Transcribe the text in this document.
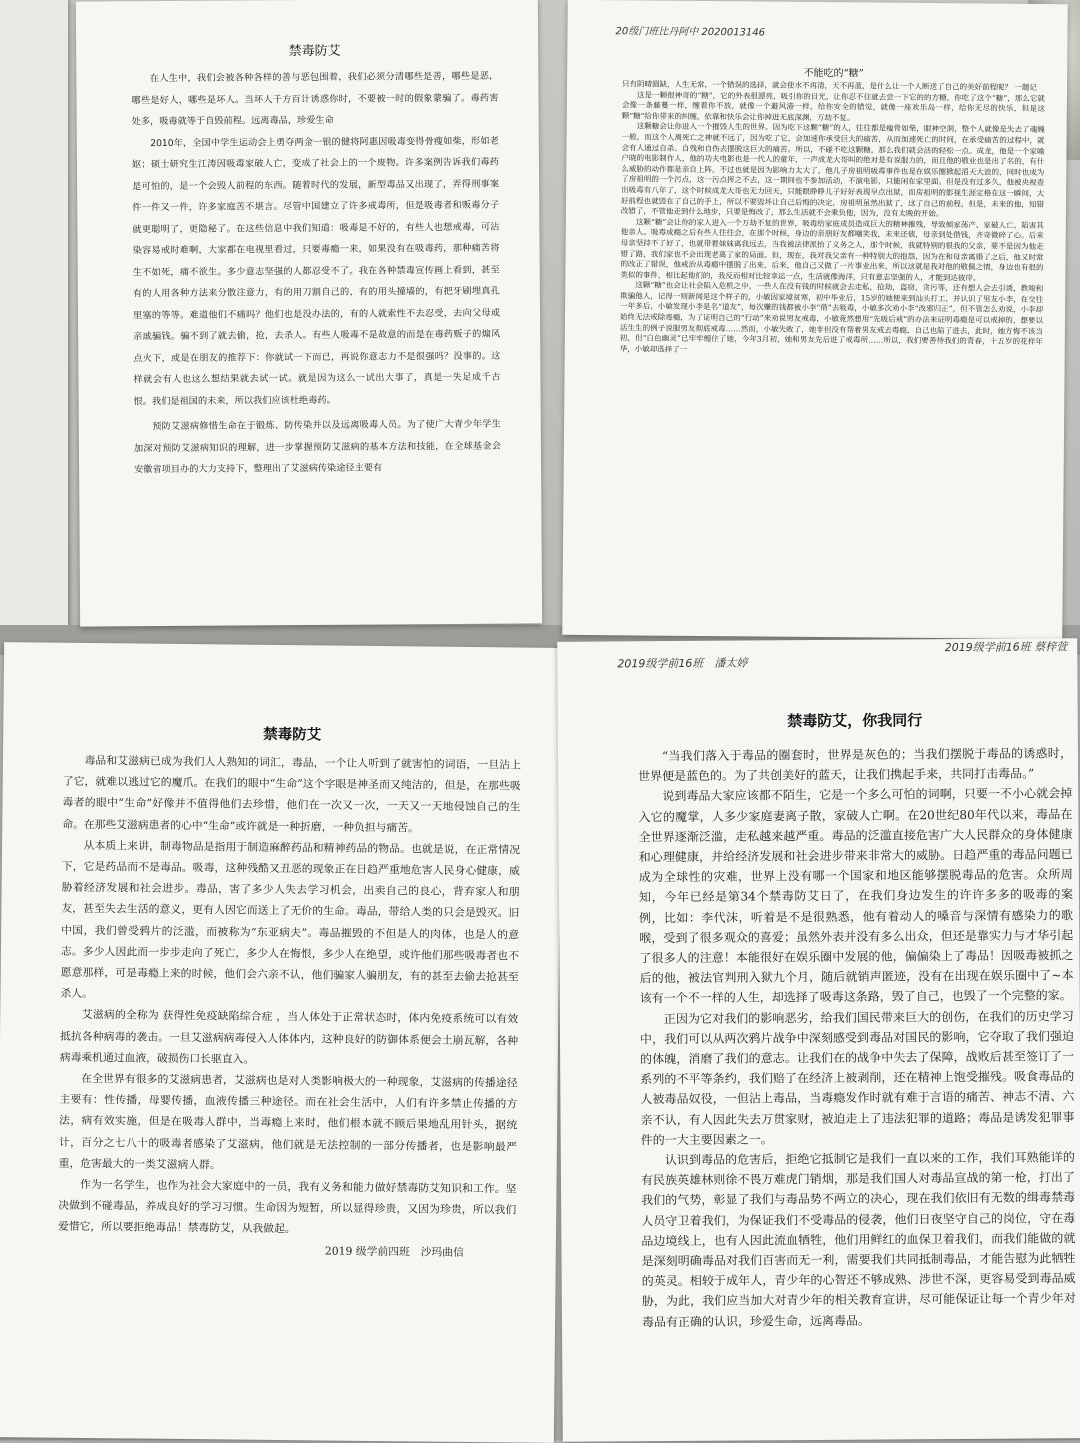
禁毒防艾

在人生中，我们会被各种各样的善与恶包围着，我们必须分清哪些是善，哪些是恶，哪些是好人，哪些是坏人。当坏人千方百计诱惑你时，不要被一时的假象蒙骗了。毒药害处多，吸毒就等于自毁前程。远离毒品，珍爱生命

2010年，全国中学生运动会上勇夺两金一银的健将阿惠因吸毒变得骨瘦如柴，形如老妪；硕士研究生江涛因吸毒家破人亡，变成了社会上的一个废物。许多案例告诉我们毒药是可怕的，是一个会毁人前程的东西。随着时代的发展，新型毒品又出现了，弄得刑事案件一件又一件，许多家庭苦不堪言。尽管中国建立了许多戒毒所，但是吸毒者和贩毒分子就更聪明了，更隐秘了。在这些信息中我们知道：吸毒是不好的，有些人也想戒毒，可沾染容易戒时难啊，大家都在电视里看过，只要毒瘾一来，如果没有在吸毒药，那种痛苦将生不如死，痛不欲生。多少意志坚强的人都忍受不了。我在各种禁毒宣传画上看到，甚至有的人用各种方法来分散注意力，有的用刀割自己的，有的用头撞墙的，有把牙刷埋真孔里塞的等等。难道他们不痛吗？他们也是没办法的，有的人就索性不去忍受，去向父母或亲戚骗钱。骗不到了就去偷，抢，去杀人。有些人吸毒不是故意的而是在毒药贩子的煽风点火下，或是在朋友的推荐下：你就试一下而已，再说你意志力不是很强吗？没事的。这样就会有人也这么想结果就去试一试。就是因为这么一试出大事了，真是一失足成千古恨。我们是祖国的未来，所以我们应该杜绝毒药。

预防艾滋病修惜生命在于锻炼、防传染并以及远离吸毒人员。为了使广大青少年学生加深对预防艾滋病知识的理解，进一步掌握预防艾滋病的基本方法和技能，在全球基金会安徽省项目办的大力支持下，整理出了艾滋病传染途径主要有

20级门班比丹阿中 2020013146
不能吃的“糖”

只有阴晴圆缺，人生无常，一个错误的选择，就会使水不再清，天不再蓝，是什么让一个人断送了自己的美好前程呢？ 一题记

这是一颗很神奇的“糖”，它的外表很漂亮，吸引你的目光，让你忍不住就去尝一下它的的方糖，你吃了这个“糖”，那么它就会像一条藤蔓一样，缠着你不放，就像一个避风港一样，给你安全的错觉，就像一座欢乐岛一样，给你无尽的快乐，但是这颗“糖”给你带来的纠缠，依靠和快乐会让你掉进无底深渊，万劫不复。

这颗糖会让你进入一个摧毁人生的世界。因为吃下这颗“糖”的人，往往都是瘦骨如柴，眼神空洞，整个人就像是失去了魂魄一般，而这个人离死亡之神就不远了，因为吃了它，会加速你承受巨大的痛苦，从而加速死亡的时间，在承受痛苦的过程中，就会有人通过自杀、自残和自伤去摆脱这巨大的痛苦。所以，不碰不吃这颗糖，那么我们就会活的轻松一点。成龙，他是一个家喻户晓的电影制作人，他的功夫电影也是一代人的童年，一声成龙大哥叫的绝对是有说服力的，而且他的敬业也是出了名的，有什么威胁的动作都是亲自上阵，不过也就是因为影响力太大了，他儿子房祖明吸毒事件也是在娱乐圈掀起滔天大浪的，同时也成为了房祖明的一个污点，这一污点挥之不去，这一期间也不参加活动，不演电影，只能闲在家里面。但是没有过多久，他被央视查出吸毒有八年了，这个时候成龙大哥也无力回天，只能眼睁睁儿子好好表现早点出狱，而房祖明的影视生涯定格在这一瞬间，大好前程也就毁在了自己的手上，所以不要毁坏让自己后悔的决定，房祖明虽然出狱了，这了自己的前程，但是，未来的他，知错改错了，不管他走到什么地步，只要是悔改了，那么生活就不会乘负他，因为，没有太晚的开始。

这颗“糖”会让你的家人进入一个万劫不复的世界，吸毒给家庭成员造成巨大的精神摧残，导致倾家荡产、家破人亡、陷害其他亲人。吸毒成瘾之后有些人往往会，在那个时候，身边的亲朋好友都嘲笑我，未来还债，母亲到处借钱，齐奇微碎了心。后来母亲坚持不了好了，也就带着妹妹离我远去，当我被法律派抬了义务之人，那个时候，我就特别的很我的父亲，要不是因为他走错了路，我们家也不会出现老离了家的局面。但，现在，我对我父亲有一种特别大的抱怨，因为在和母亲离婚了之后，他又时常的改正了错误，他戒治从毒瘾中摆脱了出来，后来，他自己又做了一片事业出来，所以这就是我对他的敬佩之情，身边也有很的类似的事件，相比起他们的，我反而相对比较幸运一点，生活就像海洋，只有意志坚强的人，才能到达彼岸。

这颗“糖”也会让社会陷入危机之中，一些人在没有钱的时候就会去走私，抢劫，盗窃，贪污等，还有想人会去引诱，教唆和欺骗他人，记得一则新闻是这个样子的，小敏因家境贫寒，初中毕业后，15岁的她便来到汕头打工，并认识了男友小李，在交往一年多后，小敏发现小李是名“道友”，每次赚的钱都被小李“借”去吸毒，小敏多次劝小李“改邪归正”，但不管怎么劝说，小李却始终无法戒除毒瘾，为了证明自己的“行动”来劝说男友戒毒，小敏竟然想用“先吸后戒”的办法来证明毒瘾是可以戒掉的，想要以活生生的例子说服男友彻底戒毒……然而，小敏失败了，她非但没有帮着男友戒去毒瘾，自己也陷了进去，此时，她方悔不该当初，但“白色幽灵”已牢牢缠住了她，今年3月初，她和男友先后进了戒毒所……所以，我们要善待我们的青春，十五岁的花样年华，小敏却选择了一

禁毒防艾

毒品和艾滋病已成为我们人人熟知的词汇，毒品，一个让人听到了就害怕的词语，一旦沾上了它，就难以逃过它的魔爪。在我们的眼中“生命”这个字眼是神圣而又纯洁的，但是，在那些吸毒者的眼中“生命”好像并不值得他们去珍惜，他们在一次又一次，一天又一天地侵蚀自己的生命。在那些艾滋病患者的心中“生命”或许就是一种折磨，一种负担与痛苦。

从本质上来讲，制毒物品是指用于制造麻醉药品和精神药品的物品。也就是说，在正常情况下，它是药品而不是毒品。吸毒，这种残酷又丑恶的现象正在日趋严重地危害人民身心健康，威胁着经济发展和社会进步。毒品，害了多少人失去学习机会，出卖自己的良心，背弃家人和朋友，甚至失去生活的意义，更有人因它而送上了无价的生命。毒品，带给人类的只会是毁灭。旧中国，我们曾受鸦片的泛滥，而被称为“东亚病夫”。毒品摧毁的不但是人的肉体，也是人的意志。多少人因此而一步步走向了死亡，多少人在悔恨，多少人在绝望，或许他们那些吸毒者也不愿意那样，可是毒瘾上来的时候，他们会六亲不认，他们骗家人骗朋友，有的甚至去偷去抢甚至杀人。

艾滋病的全称为 获得性免疫缺陷综合症 ，当人体处于正常状态时，体内免疫系统可以有效抵抗各种病毒的袭击。一旦艾滋病病毒侵入人体体内，这种良好的防御体系便会土崩瓦解，各种病毒乘机通过血液，破损伤口长驱直入。

在全世界有很多的艾滋病患者，艾滋病也是对人类影响极大的一种现象，艾滋病的传播途径主要有：性传播，母婴传播，血液传播三种途径。而在社会生活中，人们有许多禁止传播的方法，病有效实施，但是在吸毒人群中，当毒瘾上来时，他们根本就不顾后果地乱用针头，据统计，百分之七八十的吸毒者感染了艾滋病，他们就是无法控制的一部分传播者，也是影响最严重，危害最大的一类艾滋病人群。

作为一名学生，也作为社会大家庭中的一员，我有义务和能力做好禁毒防艾知识和工作。坚决做到不碰毒品，养成良好的学习习惯。生命因为短暂，所以显得珍贵，又因为珍贵，所以我们爱惜它，所以要拒绝毒品！禁毒防艾，从我做起。

2019 级学前四班　沙玛曲信
2019级学前16班　潘太婷
2019级学前16班 蔡梓萱
禁毒防艾，你我同行

“当我们落入于毒品的圈套时，世界是灰色的；当我们摆脱于毒品的诱惑时，世界便是蓝色的。为了共创美好的蓝天，让我们携起手来，共同打击毒品。”

说到毒品大家应该都不陌生，它是一个多么可怕的词啊，只要一不小心就会掉入它的魔掌，人多少家庭妻离子散，家破人亡啊。在20世纪80年代以来，毒品在全世界逐渐泛滥，走私越来越严重。毒品的泛滥直接危害广大人民群众的身体健康和心理健康，并给经济发展和社会进步带来非常大的威胁。日趋严重的毒品问题已成为全球性的灾难，世界上没有哪一个国家和地区能够摆脱毒品的危害。众所周知，今年已经是第34个禁毒防艾日了，在我们身边发生的许许多多的吸毒的案例，比如：李代沫，听着是不是很熟悉，他有着动人的嗓音与深情有感染力的歌喉，受到了很多观众的喜爱；虽然外表并没有多么出众，但还是靠实力与才华引起了很多人的注意！本能很好在娱乐圈中发展的他，偏偏染上了毒品！因吸毒被抓之后的他，被法官判刑入狱九个月，随后就销声匿迹，没有在出现在娱乐圈中了~本该有一个不一样的人生，却选择了吸毒这条路，毁了自己，也毁了一个完整的家。

正因为它对我们的影响恶劣，给我们国民带来巨大的创伤，在我们的历史学习中，我们可以从两次鸦片战争中深刻感受到毒品对国民的影响，它夺取了我们强迫的体魄，消磨了我们的意志。让我们在的战争中失去了保障，战败后甚至签订了一系列的不平等条约，我们赔了在经济上被剥削，还在精神上饱受摧残。吸食毒品的人被毒品奴役，一但沾上毒品，当毒瘾发作时就有难于言语的痛苦、神志不清、六亲不认，有人因此失去万贯家财，被迫走上了违法犯罪的道路；毒品是诱发犯罪事件的一大主要因素之一。

认识到毒品的危害后，拒绝它抵制它是我们一直以来的工作，我们耳熟能详的有民族英雄林则徐不畏万难虎门销烟，那是我们国人对毒品宣战的第一枪，打出了我们的气势，彰显了我们与毒品势不两立的决心，现在我们依旧有无数的缉毒禁毒人员守卫着我们，为保证我们不受毒品的侵袭，他们日夜坚守自己的岗位，守在毒品边境线上，也有人因此流血牺牲，他们用鲜红的血保卫着我们，而我们能做的就是深刻明确毒品对我们百害而无一利，需要我们共同抵制毒品，才能告慰为此牺牲的英灵。相较于成年人，青少年的心智还不够成熟、涉世不深，更容易受到毒品威胁，为此，我们应当加大对青少年的相关教育宣讲，尽可能保证让每一个青少年对毒品有正确的认识，珍爱生命，远离毒品。
